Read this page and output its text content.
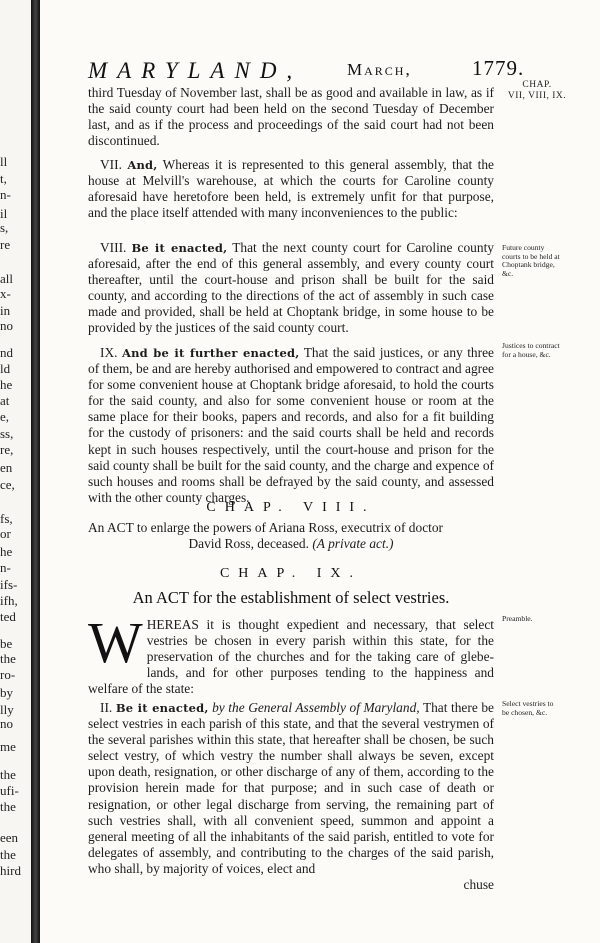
ll
t,
n-
il
s,
re
all
x-
in
no
nd
ld
he
at
e,
ss,
re,
en
ce,
fs,
or
he
n-
ifs-
ifh,
ted
be
the
ro-
by
lly
no
me
the
ufi-
the
een
the
hird
MARYLAND,	March,	1779.
CHAP.
VII, VIII, IX.

third Tuesday of November last, shall be as good and available in law, as if the said county court had been held on the second Tuesday of December last, and as if the process and proceedings of the said court had not been discontinued.

VII. And, Whereas it is represented to this general assembly, that the house at Melvill's warehouse, at which the courts for Caroline county aforesaid have heretofore been held, is extremely unfit for that purpose, and the place itself attended with many inconveniences to the public:

VIII. Be it enacted, That the next county court for Caroline county aforesaid, after the end of this general assembly, and every county court thereafter, until the court-house and prison shall be built for the said county, and according to the directions of the act of assembly in such case made and provided, shall be held at Choptank bridge, in some house to be provided by the justices of the said county court.

IX. And be it further enacted, That the said justices, or any three of them, be and are hereby authorised and empowered to contract and agree for some convenient house at Choptank bridge aforesaid, to hold the courts for the said county, and also for some convenient house or room at the same place for their books, papers and records, and also for a fit building for the custody of prisoners: and the said courts shall be held and records kept in such houses respectively, until the court-house and prison for the said county shall be built for the said county, and the charge and expence of such houses and rooms shall be defrayed by the said county, and assessed with the other county charges.

CHAP. VIII.

An ACT to enlarge the powers of Ariana Ross, executrix of doctor

David Ross, deceased. (A private act.)

CHAP. IX.
An ACT for the establishment of select vestries.

W HEREAS it is thought expedient and necessary, that select vestries be chosen in every parish within this state, for the preservation of the churches and for the taking care of glebe-lands, and for other purposes tending to the happiness and welfare of the state:

II. Be it enacted, by the General Assembly of Maryland, That there be select vestries in each parish of this state, and that the several vestrymen of the several parishes within this state, that hereafter shall be chosen, be such select vestry, of which vestry the number shall always be seven, except upon death, resignation, or other discharge of any of them, according to the provision herein made for that purpose; and in such case of death or resignation, or other legal discharge from serving, the remaining part of such vestries shall, with all convenient speed, summon and appoint a general meeting of all the inhabitants of the said parish, entitled to vote for delegates of assembly, and contributing to the charges of the said parish, who shall, by majority of voices, elect and

chuse

Future county courts to be held at Choptank bridge, &c.
Justices to contract for a house, &c.
Preamble.
Select vestries to be chosen, &c.
